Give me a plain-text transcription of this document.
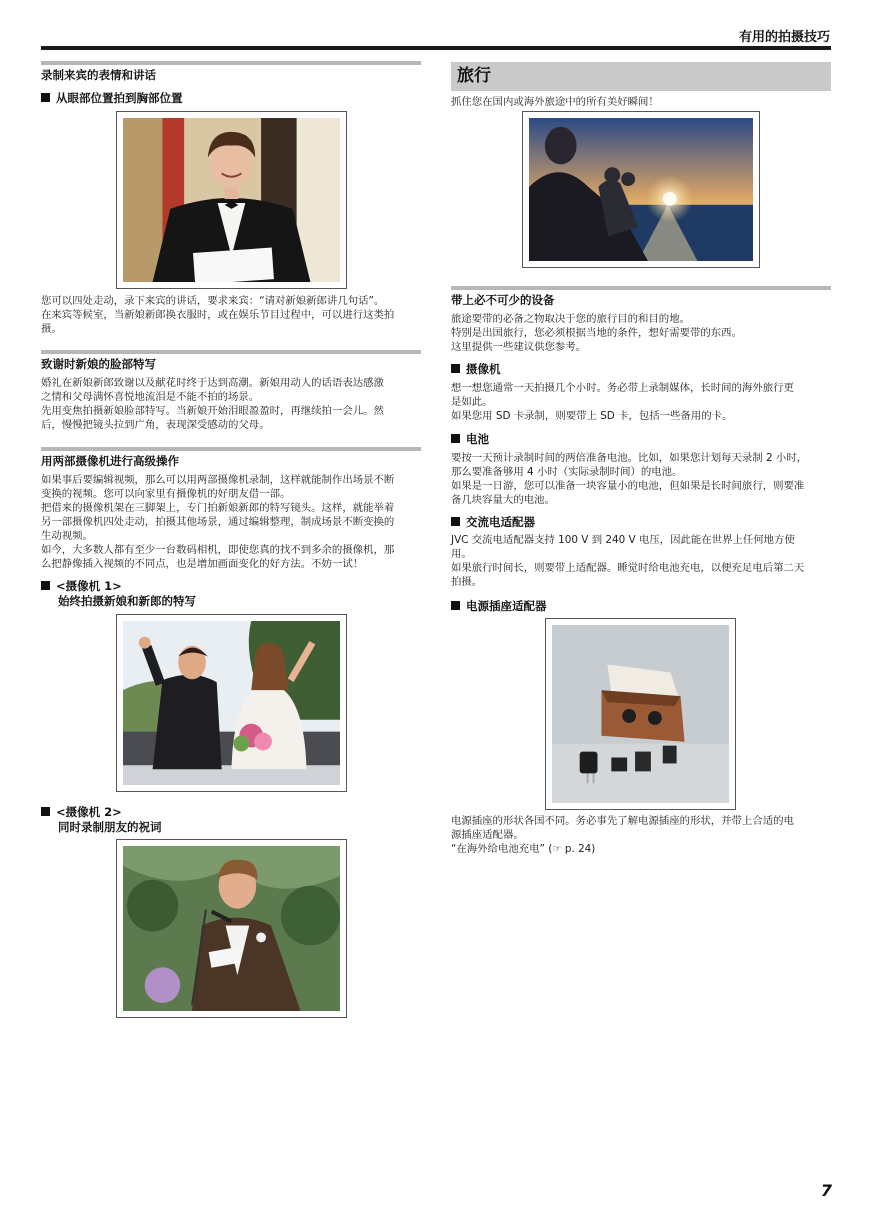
有用的拍摄技巧
录制来宾的表情和讲话
从眼部位置拍到胸部位置

您可以四处走动，录下来宾的讲话，要求来宾：“请对新娘新郎讲几句话”。

在来宾等候室，当新娘新郎换衣服时，或在娱乐节目过程中，可以进行这类拍

摄。

致谢时新娘的脸部特写

婚礼在新娘新郎致谢以及献花时终于达到高潮。新娘用动人的话语表达感激

之情和父母满怀喜悦地流泪是不能不拍的场景。

先用变焦拍摄新娘脸部特写。当新娘开始泪眼盈盈时，再继续拍一会儿。然

后，慢慢把镜头拉到广角，表现深受感动的父母。

用两部摄像机进行高级操作

如果事后要编辑视频，那么可以用两部摄像机录制，这样就能制作出场景不断

变换的视频。您可以向家里有摄像机的好朋友借一部。

把借来的摄像机架在三脚架上，专门拍新娘新郎的特写镜头。这样，就能举着

另一部摄像机四处走动，拍摄其他场景，通过编辑整理，制成场景不断变换的

生动视频。

如今，大多数人都有至少一台数码相机，即使您真的找不到多余的摄像机，那

么把静像插入视频的不同点，也是增加画面变化的好方法。不妨一试！

<摄像机 1>
始终拍摄新娘和新郎的特写
<摄像机 2>
同时录制朋友的祝词
旅行
抓住您在国内或海外旅途中的所有美好瞬间！
带上必不可少的设备

旅途要带的必备之物取决于您的旅行目的和目的地。

特别是出国旅行，您必须根据当地的条件，想好需要带的东西。

这里提供一些建议供您参考。

摄像机

想一想您通常一天拍摄几个小时。务必带上录制媒体，长时间的海外旅行更

是如此。

如果您用 SD 卡录制，则要带上 SD 卡，包括一些备用的卡。

电池

要按一天预计录制时间的两倍准备电池。比如，如果您计划每天录制 2 小时，

那么要准备够用 4 小时（实际录制时间）的电池。

如果是一日游，您可以准备一块容量小的电池，但如果是长时间旅行，则要准

备几块容量大的电池。

交流电适配器

JVC 交流电适配器支持 100 V 到 240 V 电压，因此能在世界上任何地方使

用。

如果旅行时间长，则要带上适配器。睡觉时给电池充电，以便充足电后第二天

拍摄。

电源插座适配器

电源插座的形状各国不同。务必事先了解电源插座的形状，并带上合适的电

源插座适配器。

“在海外给电池充电” (☞ p. 24)

7
